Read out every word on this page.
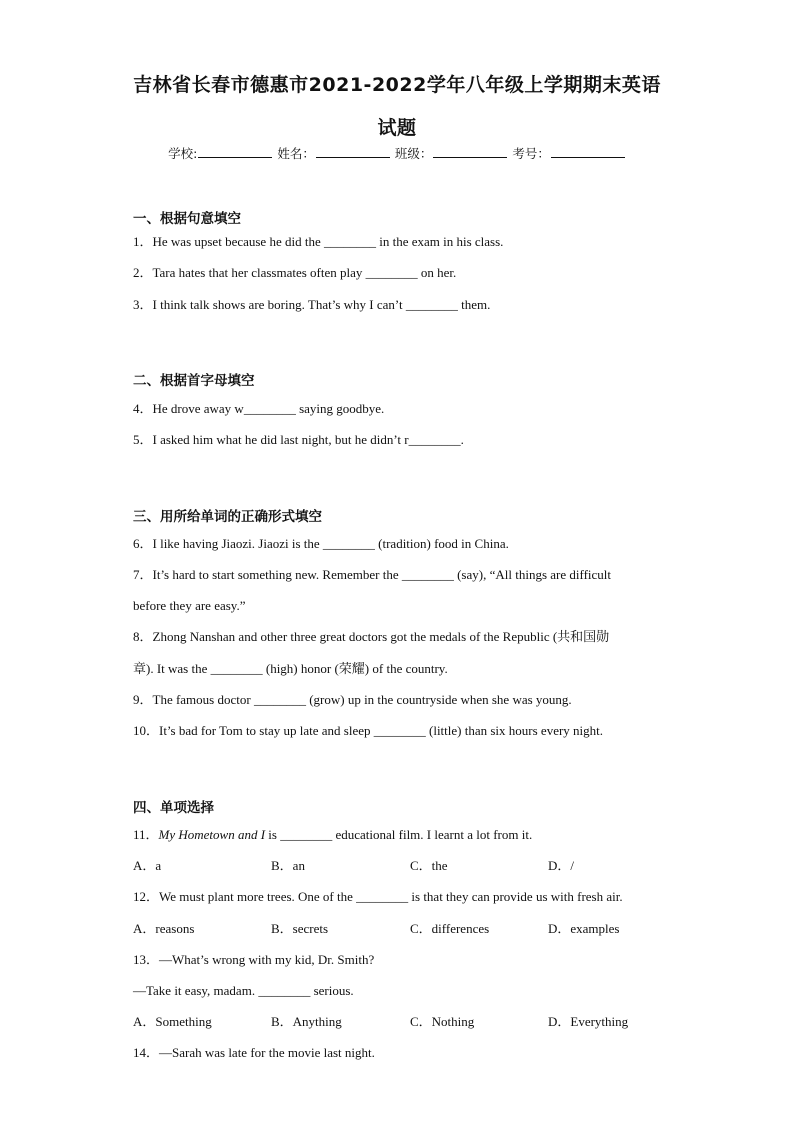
吉林省长春市德惠市2021-2022学年八年级上学期期末英语
试题
学校:	姓名：	班级：	考号：
一、根据句意填空
1．He was upset because he did the ________ in the exam in his class.
2．Tara hates that her classmates often play ________ on her.
3．I think talk shows are boring. That’s why I can’t ________ them.
二、根据首字母填空
4．He drove away w________ saying goodbye.
5．I asked him what he did last night, but he didn’t r________.
三、用所给单词的正确形式填空
6．I like having Jiaozi. Jiaozi is the ________ (tradition) food in China.
7．It’s hard to start something new. Remember the ________ (say), “All things are difficult
before they are easy.”
8．Zhong Nanshan and other three great doctors got the medals of the Republic (共和国勋
章). It was the ________ (high) honor (荣耀) of the country.
9．The famous doctor ________ (grow) up in the countryside when she was young.
10．It’s bad for Tom to stay up late and sleep ________ (little) than six hours every night.
四、单项选择
11．My Hometown and I is ________ educational film. I learnt a lot from it.
A．a	B．an	C．the	D．/
12．We must plant more trees. One of the ________ is that they can provide us with fresh air.
A．reasons	B．secrets	C．differences	D．examples
13．—What’s wrong with my kid, Dr. Smith?
—Take it easy, madam. ________ serious.
A．Something	B．Anything	C．Nothing	D．Everything
14．—Sarah was late for the movie last night.
